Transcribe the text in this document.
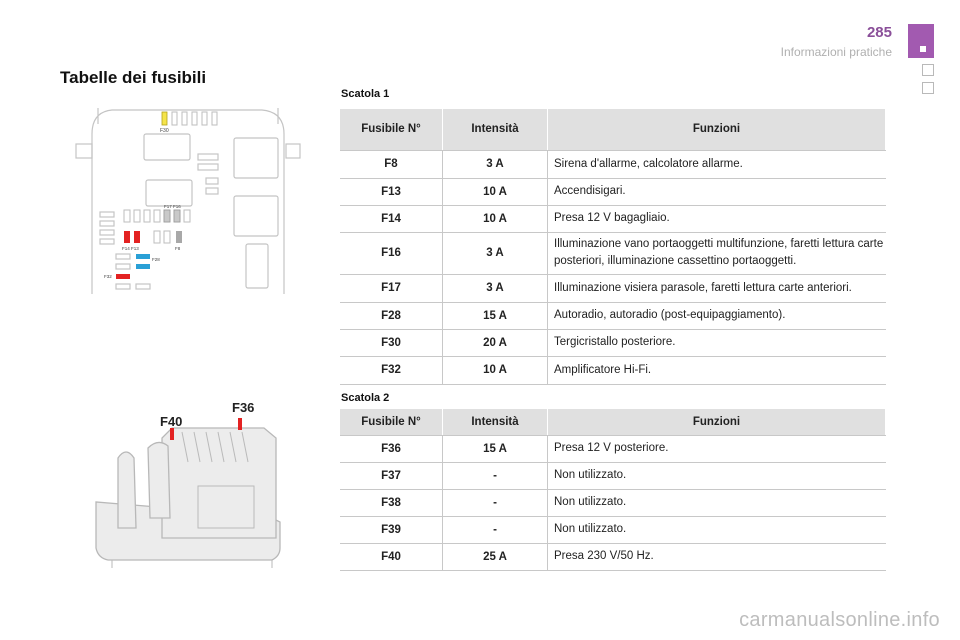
285
Informazioni pratiche
Tabelle dei fusibili
F30
F17 F16
F14 F13	F8
F28
F32
F40
F36
Scatola 1
Fusibile N°	Intensità	Funzioni
F8	3 A	Sirena d'allarme, calcolatore allarme.
F13	10 A	Accendisigari.
F14	10 A	Presa 12 V bagagliaio.
F16	3 A	Illuminazione vano portaoggetti multifunzione, faretti lettura carte posteriori, illuminazione cassettino portaoggetti.
F17	3 A	Illuminazione visiera parasole, faretti lettura carte anteriori.
F28	15 A	Autoradio, autoradio (post-equipaggiamento).
F30	20 A	Tergicristallo posteriore.
F32	10 A	Amplificatore Hi-Fi.
Scatola 2
Fusibile N°	Intensità	Funzioni
F36	15 A	Presa 12 V posteriore.
F37	-	Non utilizzato.
F38	-	Non utilizzato.
F39	-	Non utilizzato.
F40	25 A	Presa 230 V/50 Hz.
carmanualsonline.info
